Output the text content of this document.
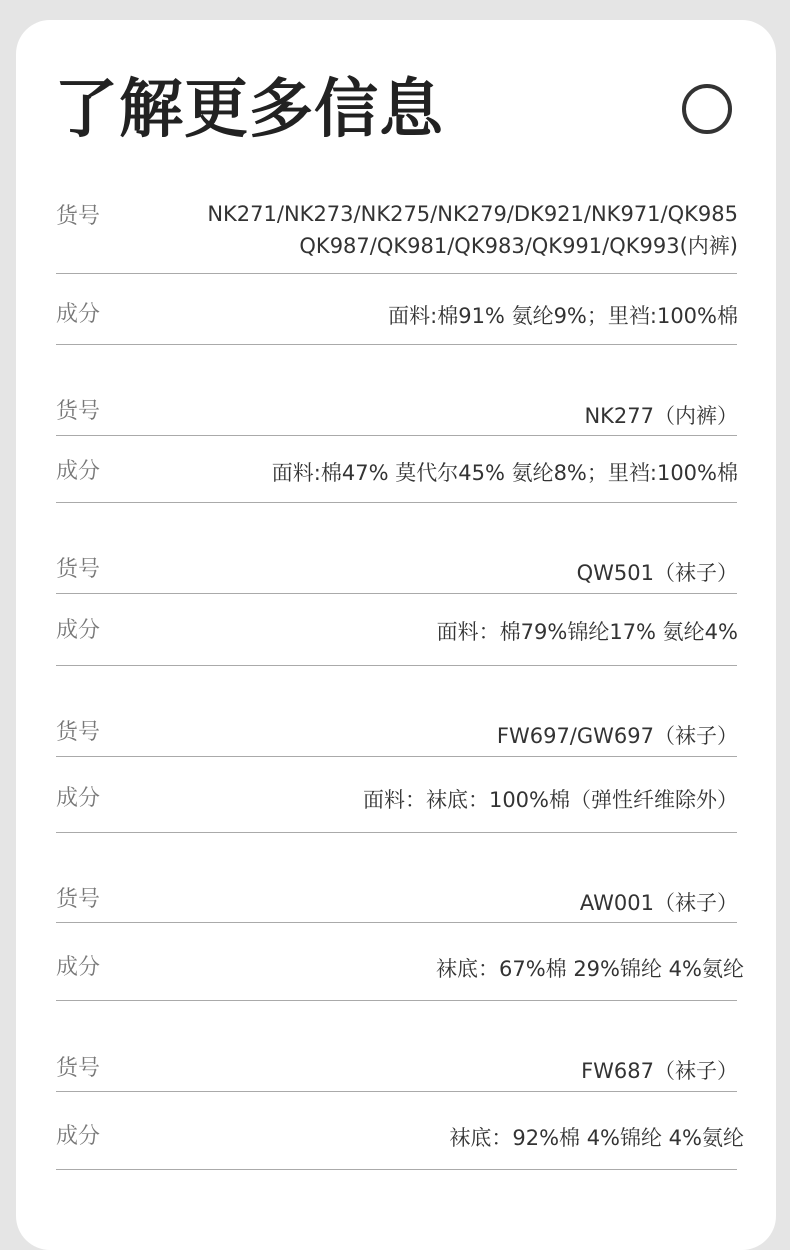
了解更多信息
货号	NK271/NK273/NK275/NK279/DK921/NK971/QK985
QK987/QK981/QK983/QK991/QK993(内裤)
成分	面料:棉91% 氨纶9%；里裆:100%棉
货号	NK277（内裤）
成分	面料:棉47% 莫代尔45% 氨纶8%；里裆:100%棉
货号	QW501（袜子）
成分	面料：棉79%锦纶17% 氨纶4%
货号	FW697/GW697（袜子）
成分	面料：袜底：100%棉（弹性纤维除外）
货号	AW001（袜子）
成分	袜底：67%棉 29%锦纶 4%氨纶
货号	FW687（袜子）
成分	袜底：92%棉 4%锦纶 4%氨纶
